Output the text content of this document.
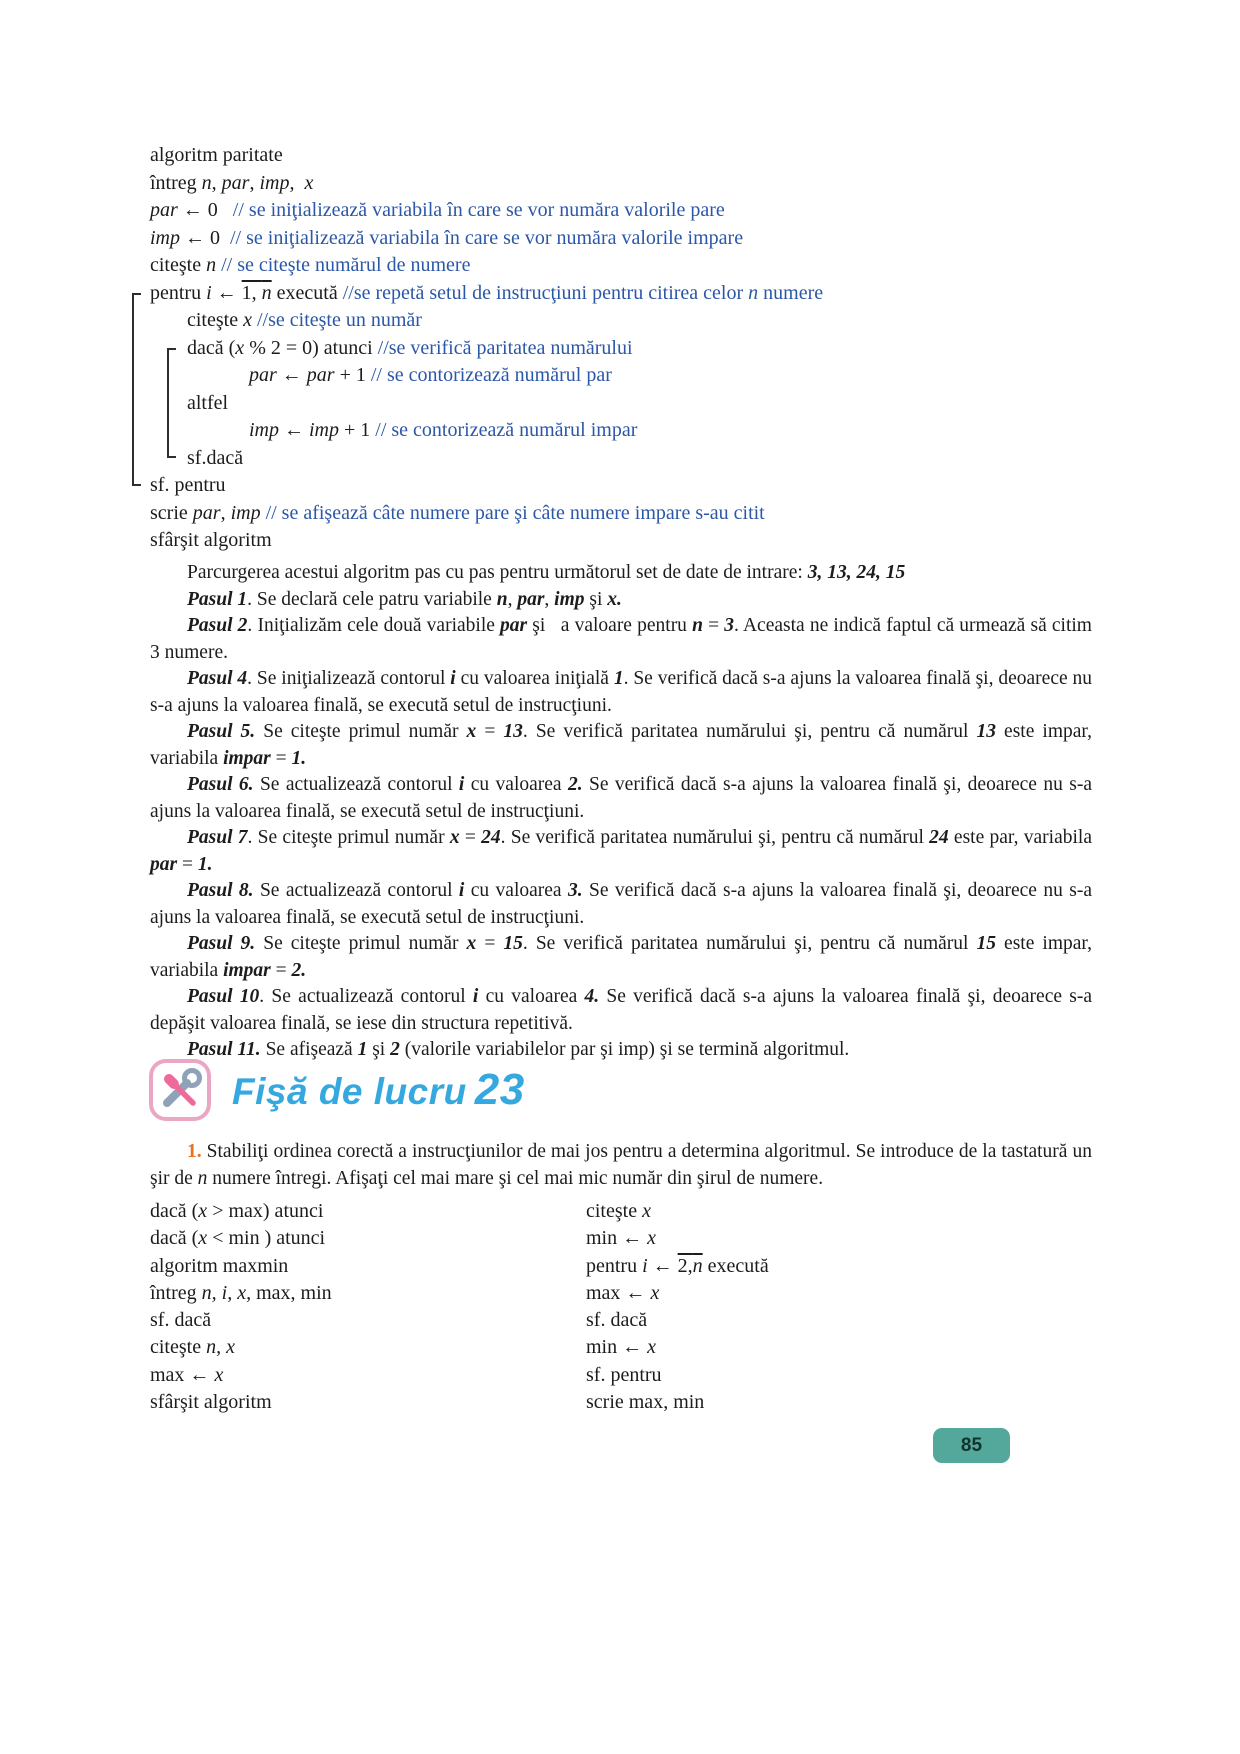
algoritm paritate
întreg n, par, imp,  x
par ← 0   // se iniţializează variabila în care se vor număra valorile pare
imp ← 0  // se iniţializează variabila în care se vor număra valorile impare
citeşte n // se citeşte numărul de numere
pentru i ← 1, $\overline{n}$ execută //se repetă setul de instrucţiuni pentru citirea celor n numere
citeşte x //se citeşte un număr
dacă (x % 2 = 0) atunci //se verifică paritatea numărului
par ← par + 1 // se contorizează numărul par
altfel
imp ← imp + 1 // se contorizează numărul impar
sf.dacă
sf. pentru
scrie par, imp // se afişează câte numere pare şi câte numere impare s-au citit
sfârşit algoritm

Parcurgerea acestui algoritm pas cu pas pentru următorul set de date de intrare: 3, 13, 24, 15

Pasul 1. Se declară cele patru variabile n, par, imp şi x.

Pasul 2. Iniţializăm cele două variabile par şi   a valoare pentru n = 3. Aceasta ne indică faptul că urmează să citim 3 numere.

Pasul 4. Se iniţializează contorul i cu valoarea iniţială 1. Se verifică dacă s-a ajuns la valoarea finală şi, deoarece nu s-a ajuns la valoarea finală, se execută setul de instrucţiuni.

Pasul 5. Se citeşte primul număr x = 13. Se verifică paritatea numărului şi, pentru că numărul 13 este impar, variabila impar = 1.

Pasul 6. Se actualizează contorul i cu valoarea 2. Se verifică dacă s-a ajuns la valoarea finală şi, deoarece nu s-a ajuns la valoarea finală, se execută setul de instrucţiuni.

Pasul 7. Se citeşte primul număr x = 24. Se verifică paritatea numărului şi, pentru că numărul 24 este par, variabila par = 1.

Pasul 8. Se actualizează contorul i cu valoarea 3. Se verifică dacă s-a ajuns la valoarea finală şi, deoarece nu s-a ajuns la valoarea finală, se execută setul de instrucţiuni.

Pasul 9. Se citeşte primul număr x = 15. Se verifică paritatea numărului şi, pentru că numărul 15 este impar, variabila impar = 2.

Pasul 10. Se actualizează contorul i cu valoarea 4. Se verifică dacă s-a ajuns la valoarea finală şi, deoarece s-a depăşit valoarea finală, se iese din structura repetitivă.

Pasul 11. Se afişează 1 şi 2 (valorile variabilelor par şi imp) şi se termină algoritmul.

Fişă de lucru 23
1. Stabiliţi ordinea corectă a instrucţiunilor de mai jos pentru a determina algoritmul. Se introduce de la tastatură un şir de n numere întregi. Afişaţi cel mai mare şi cel mai mic număr din şirul de numere.
dacă (x > max) atunci
dacă (x < min ) atunci
algoritm maxmin
întreg n, i, x, max, min
sf. dacă
citeşte n, x
max ← x
sfârşit algoritm
citeşte x
min ← x
pentru i ← $2,\overline{n}$ execută
max ← x
sf. dacă
min ← x
sf. pentru
scrie max, min
85
